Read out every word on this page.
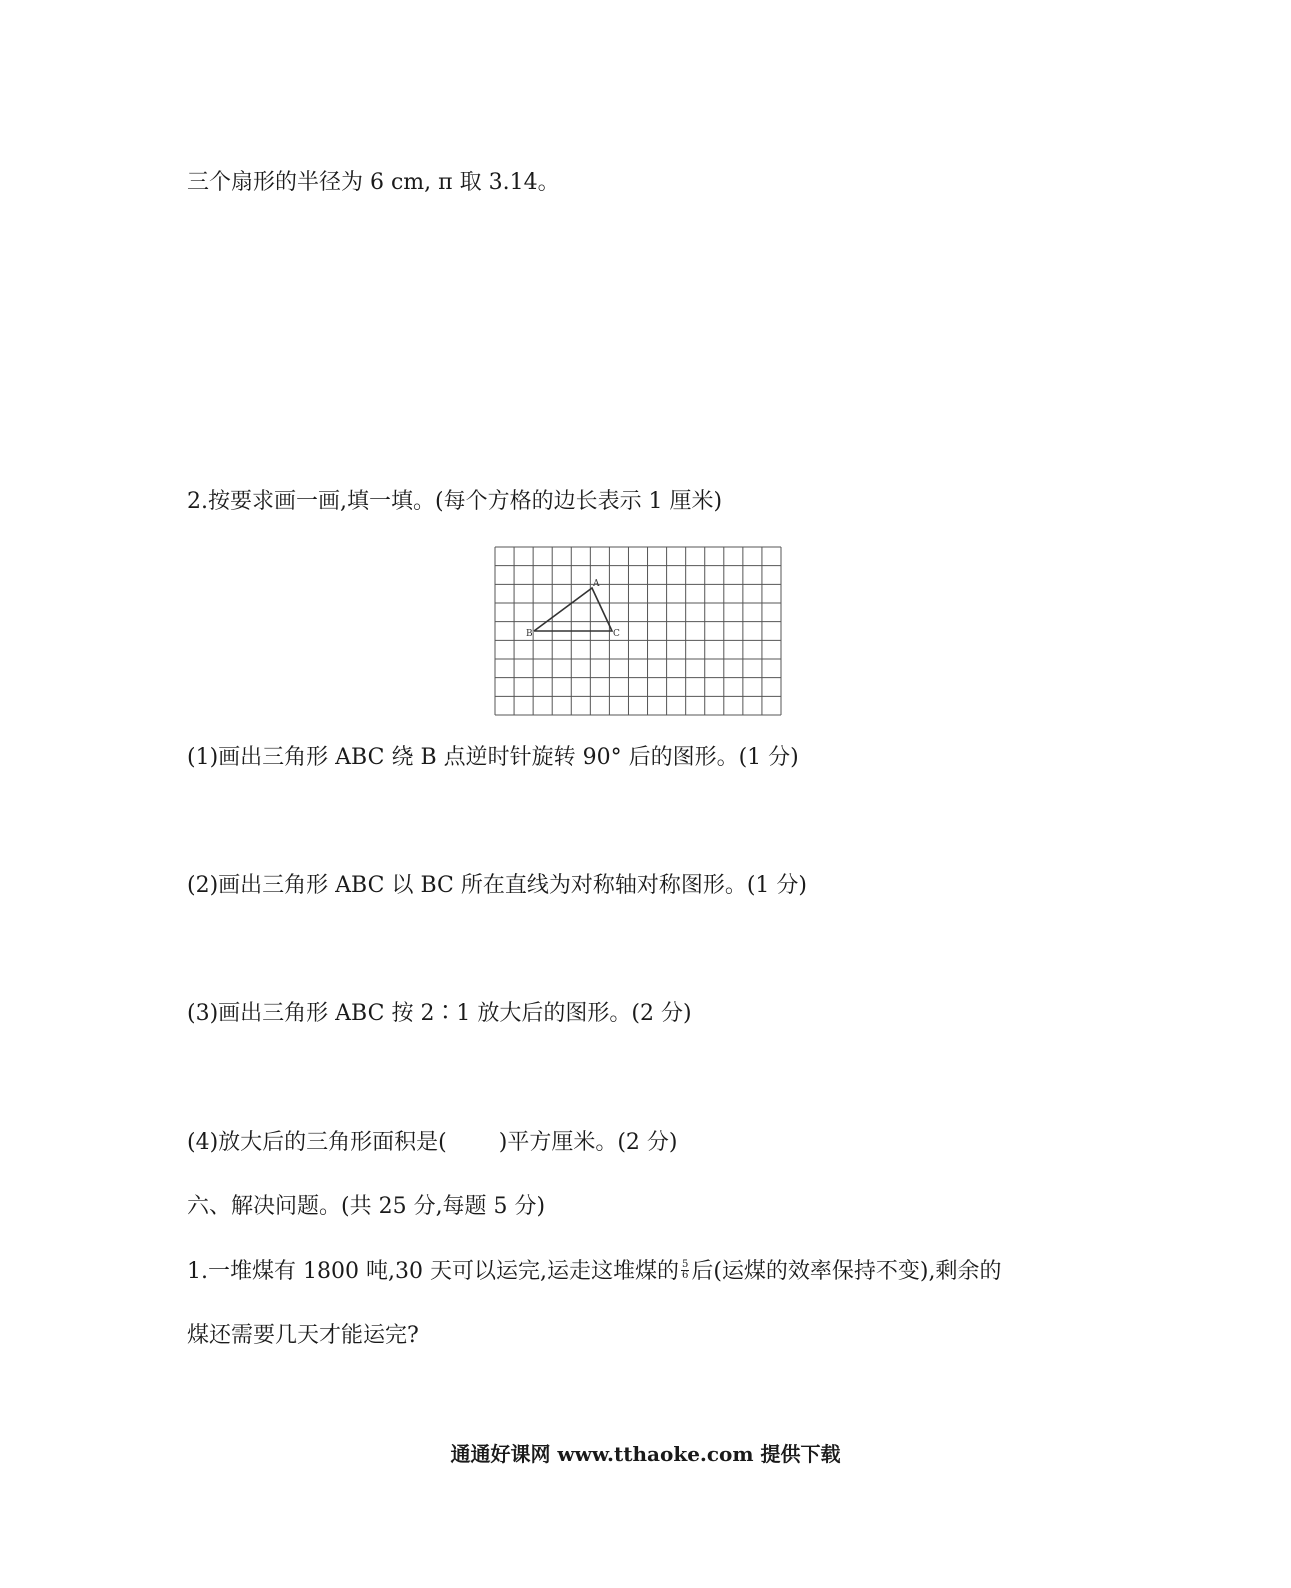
三个扇形的半径为 6 cm, π 取 3.14。
2.按要求画一画,填一填。(每个方格的边长表示 1 厘米)
A
B	C
(1)画出三角形 ABC 绕 B 点逆时针旋转 90° 后的图形。(1 分)
(2)画出三角形 ABC 以 BC 所在直线为对称轴对称图形。(1 分)
(3)画出三角形 ABC 按 2∶1 放大后的图形。(2 分)
(4)放大后的三角形面积是( )平方厘米。(2 分)
六、解决问题。(共 25 分,每题 5 分)
1.一堆煤有 1800 吨,30 天可以运完,运走这堆煤的 $\frac{5}{6}$ 后(运煤的效率保持不变),剩余的
煤还需要几天才能运完?
通通好课网 www.tthaoke.com 提供下载
